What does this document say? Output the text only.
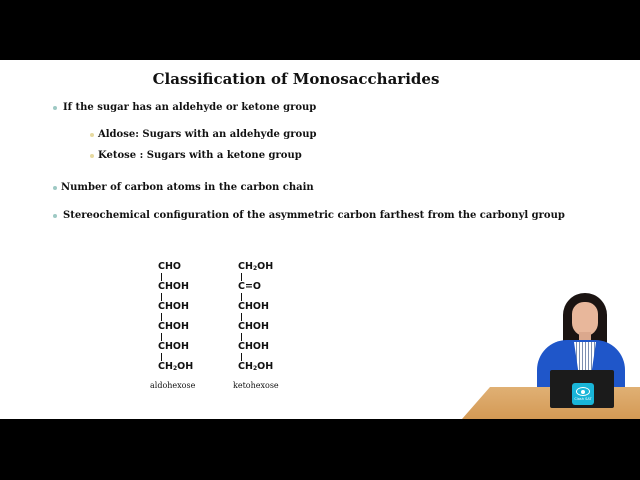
Classification of Monosaccharides
If the sugar has an aldehyde or ketone group
Aldose: Sugars with an aldehyde group
Ketose : Sugars with a ketone group
Number of carbon atoms in the carbon chain
Stereochemical configuration of the asymmetric carbon farthest from the carbonyl group
CHO
CHOH
CHOH
CHOH
CHOH
$CH_2OH$
aldohexose
$CH_2OH$
C=O
CHOH
CHOH
CHOH
$CH_2OH$
ketohexose
Clash SAT
